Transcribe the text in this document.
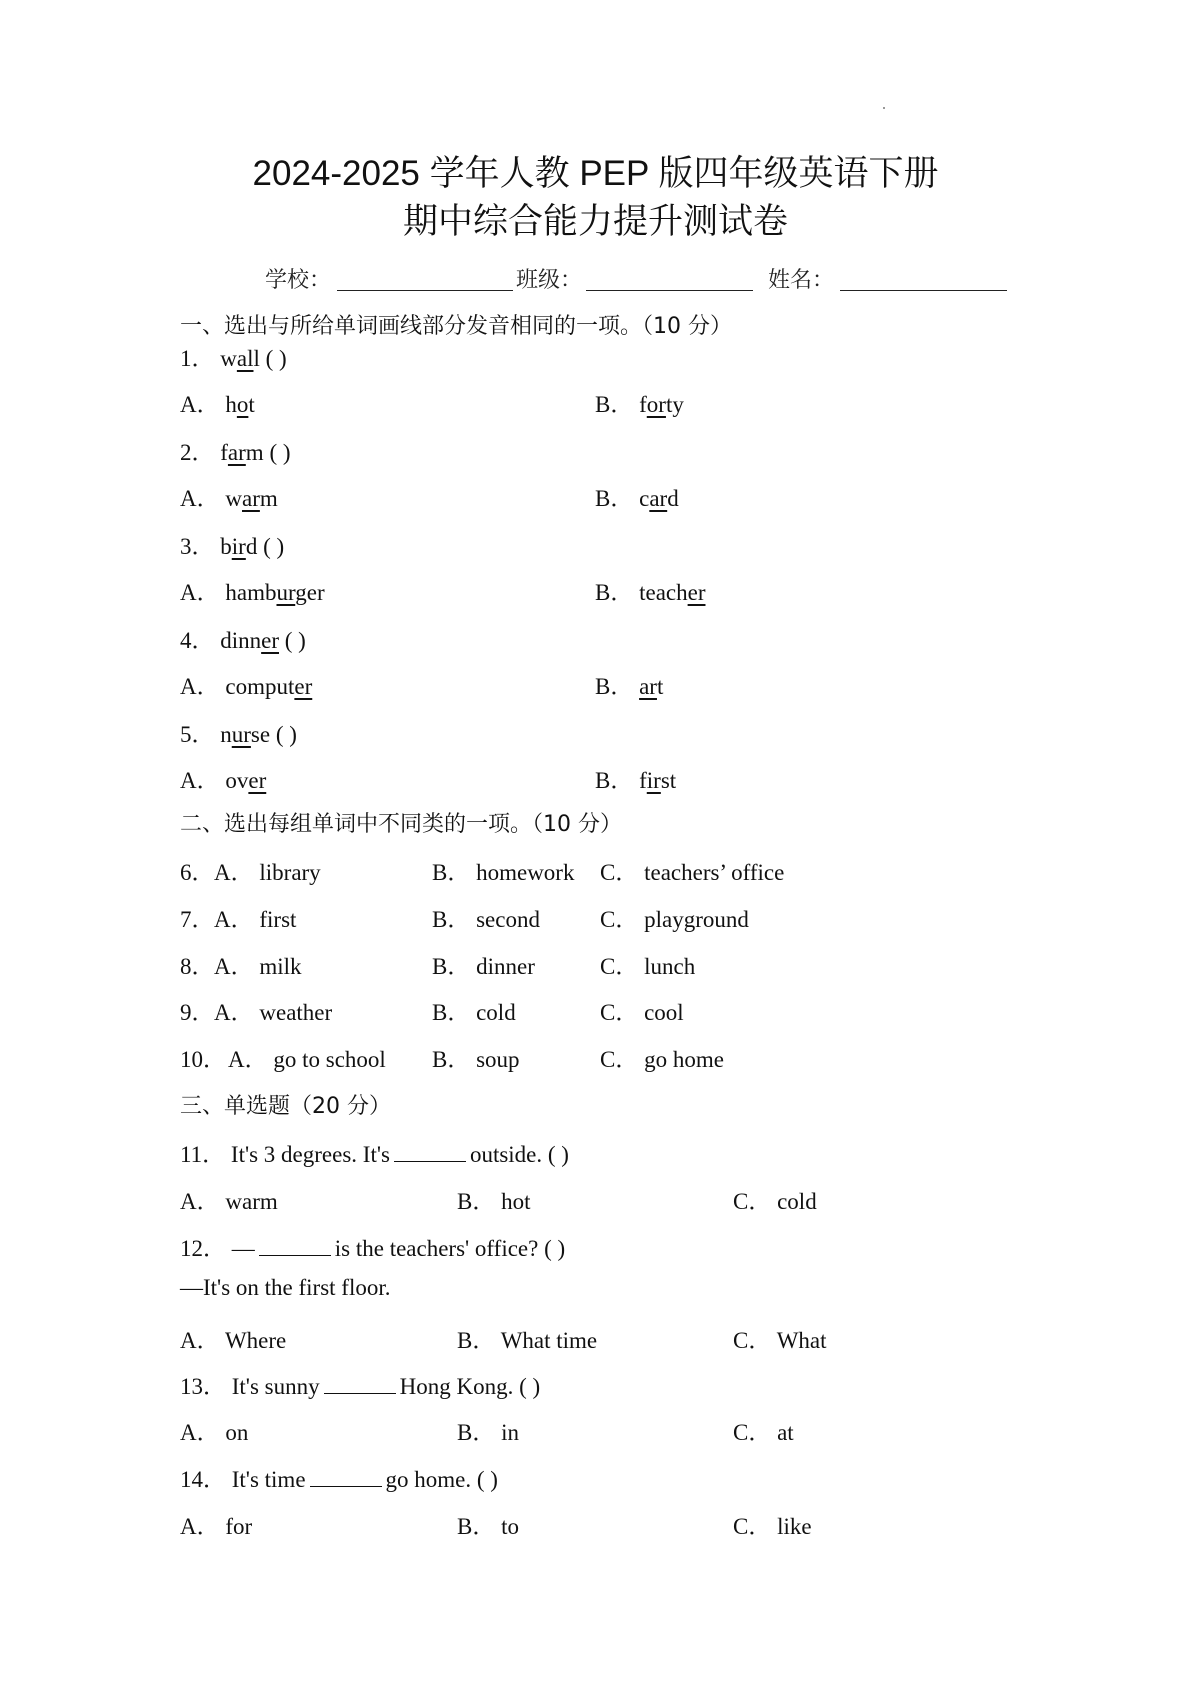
2024-2025 学年人教 PEP 版四年级英语下册
期中综合能力提升测试卷
学校：	班级：	姓名：
一、选出与所给单词画线部分发音相同的一项。（10 分）
1． wall ( )
A． hot	B． forty
2． farm ( )
A． warm	B． card
3． bird ( )
A． hamburger	B． teacher
4． dinner ( )
A． computer	B． art
5． nurse ( )
A． over	B． first
二、选出每组单词中不同类的一项。（10 分）
6． A． library	B． homework C． teachers’ office
7． A． first	B． second	C． playground
8． A． milk	B． dinner	C． lunch
9． A． weather	B． cold	C． cool
10． A． go to school B． soup	C． go home
三、单选题（20 分）
11． It's 3 degrees. It's	outside. ( )
A． warm	B． hot	C． cold
12． —	is the teachers' office? ( )
—It's on the first floor.
A． Where	B． What time	C． What
13． It's sunny	Hong Kong. ( )
A． on	B． in	C． at
14． It's time	go home. ( )
A． for	B． to	C． like
